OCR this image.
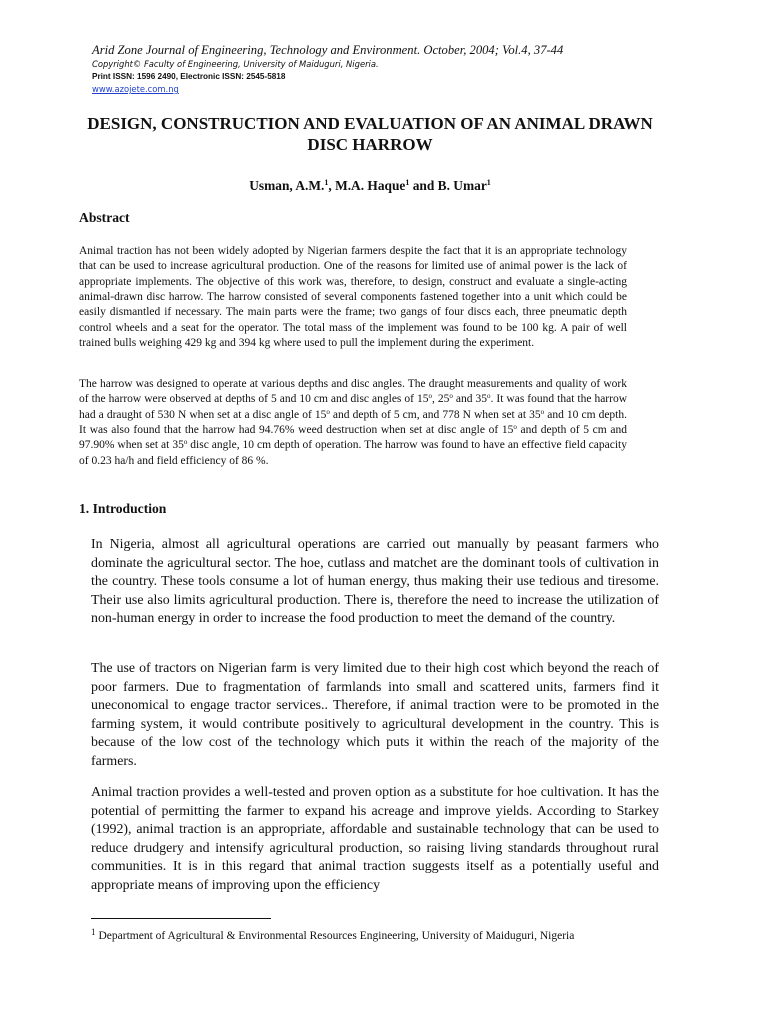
Arid Zone Journal of Engineering, Technology and Environment. October, 2004; Vol.4, 37-44
Copyright© Faculty of Engineering, University of Maiduguri, Nigeria.
Print ISSN: 1596 2490, Electronic ISSN: 2545-5818
www.azojete.com.ng
DESIGN, CONSTRUCTION AND EVALUATION OF AN ANIMAL DRAWN DISC HARROW
Usman, A.M.$^1$, M.A. Haque$^1$ and B. Umar$^1$
Abstract

Animal traction has not been widely adopted by Nigerian farmers despite the fact that it is an appropriate technology that can be used to increase agricultural production. One of the reasons for limited use of animal power is the lack of appropriate implements. The objective of this work was, therefore, to design, construct and evaluate a single-acting animal-drawn disc harrow. The harrow consisted of several components fastened together into a unit which could be easily dismantled if necessary. The main parts were the frame; two gangs of four discs each, three pneumatic depth control wheels and a seat for the operator. The total mass of the implement was found to be 100 kg. A pair of well trained bulls weighing 429 kg and 394 kg where used to pull the implement during the experiment.

The harrow was designed to operate at various depths and disc angles. The draught measurements and quality of work of the harrow were observed at depths of 5 and 10 cm and disc angles of 15$^o$, 25$^o$ and 35$^o$. It was found that the harrow had a draught of 530 N when set at a disc angle of 15$^o$ and depth of 5 cm, and 778 N when set at 35$^o$ and 10 cm depth. It was also found that the harrow had 94.76% weed destruction when set at disc angle of 15$^o$ and depth of 5 cm and 97.90% when set at 35$^o$ disc angle, 10 cm depth of operation. The harrow was found to have an effective field capacity of 0.23 ha/h and field efficiency of 86 %.

1. Introduction

In Nigeria, almost all agricultural operations are carried out manually by peasant farmers who dominate the agricultural sector. The hoe, cutlass and matchet are the dominant tools of cultivation in the country. These tools consume a lot of human energy, thus making their use tedious and tiresome. Their use also limits agricultural production. There is, therefore the need to increase the utilization of non-human energy in order to increase the food production to meet the demand of the country.

The use of tractors on Nigerian farm is very limited due to their high cost which beyond the reach of poor farmers. Due to fragmentation of farmlands into small and scattered units, farmers find it uneconomical to engage tractor services.. Therefore, if animal traction were to be promoted in the farming system, it would contribute positively to agricultural development in the country. This is because of the low cost of the technology which puts it within the reach of the majority of the farmers.

Animal traction provides a well-tested and proven option as a substitute for hoe cultivation. It has the potential of permitting the farmer to expand his acreage and improve yields. According to Starkey (1992), animal traction is an appropriate, affordable and sustainable technology that can be used to reduce drudgery and intensify agricultural production, so raising living standards throughout rural communities. It is in this regard that animal traction suggests itself as a potentially useful and appropriate means of improving upon the efficiency

$^1$ Department of Agricultural & Environmental Resources Engineering, University of Maiduguri, Nigeria
